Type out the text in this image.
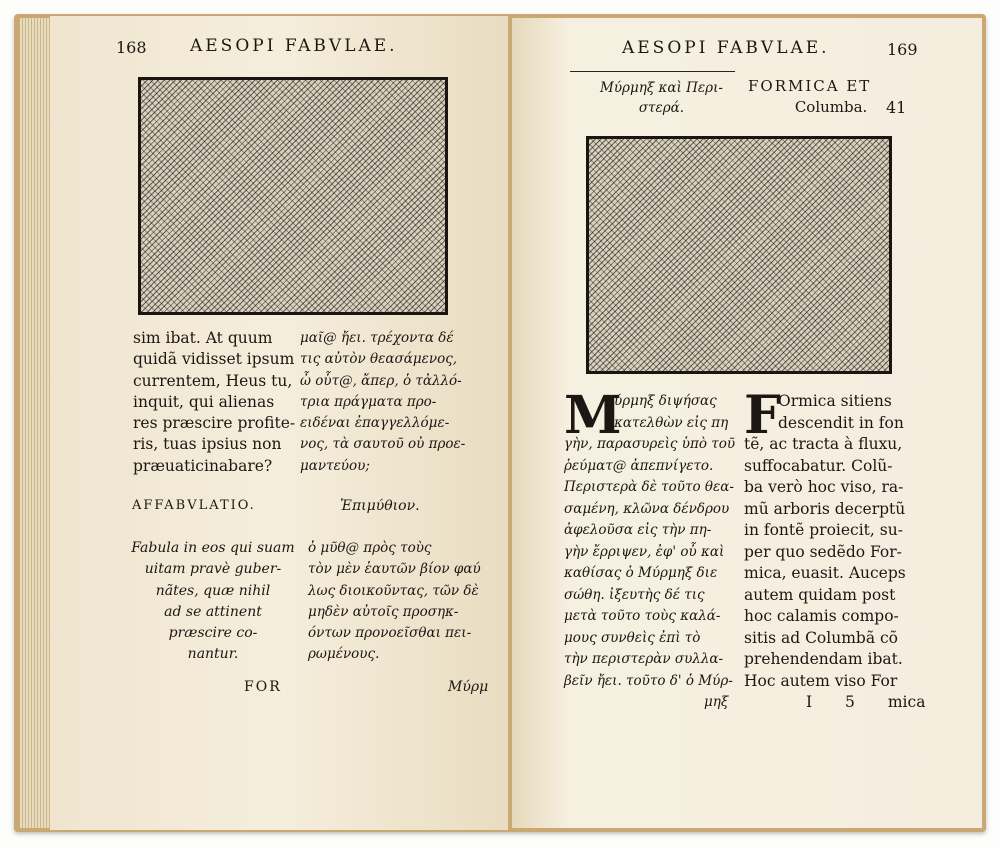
168	AESOPI FABVLAE.
sim ibat. At quum
quidã vidisset ipsum
currentem, Heus tu,
inquit, qui alienas
res præscire profite-
ris, tuas ipsius non
præuaticinabare?
μαῖ@ ἤει. τρέχοντα δέ
τις αὐτὸν θεασάμενος,
ὦ οὗτ@, ἄπερ, ὁ τἀλλό-
τρια πράγματα προ-
ειδέναι ἐπαγγελλόμε-
νος, τὰ σαυτοῦ οὐ προε-
μαντεύου;
AFFABVLATIO.	Ἐπιμύθιον.
Fabula in eos qui suam
uitam pravè guber-
nãtes, quæ nihil
ad se attinent
præscire co-
nantur.
ὁ μῦθ@ πρὸς τοὺς
τὸν μὲν ἑαυτῶν βίον φαύ
λως διοικοῦντας, τῶν δὲ
μηδὲν αὐτοῖς προσηκ-
όντων προνοεῖσθαι πει-
ρωμένους.
FOR	Μύρμ
AESOPI FABVLAE.	169
Μύρμηξ καὶ Περι-
στερά.
FORMICA ET
Columba. 41
M
ύρμηξ διψήσας
κατελθὼν εἰς πη
γὴν, παρασυρεὶς ὑπὸ τοῦ
ῥεύματ@ ἀπεπνίγετο.
Περιστερὰ δὲ τοῦτο θεα-
σαμένη, κλῶνα δένδρου
ἀφελοῦσα εἰς τὴν πη-
γὴν ἔρριψεν, ἐφ' οὗ καὶ
καθίσας ὁ Μύρμηξ διε
σώθη. ἰξευτὴς δέ τις
μετὰ τοῦτο τοὺς καλά-
μους συνθεὶς ἐπὶ τὸ
τὴν περιστερὰν συλλα-
βεῖν ἤει. τοῦτο δ' ὁ Μύρ-
μηξ
F
Ormica sitiens
descendit in fon
tẽ, ac tracta à fluxu,
suffocabatur. Colũ-
ba verò hoc viso, ra-
mũ arboris decerptũ
in fontẽ proiecit, su-
per quo sedẽdo For-
mica, euasit. Auceps
autem quidam post
hoc calamis compo-
sitis ad Columbã cõ
prehendendam ibat.
Hoc autem viso For
I 5 mica
